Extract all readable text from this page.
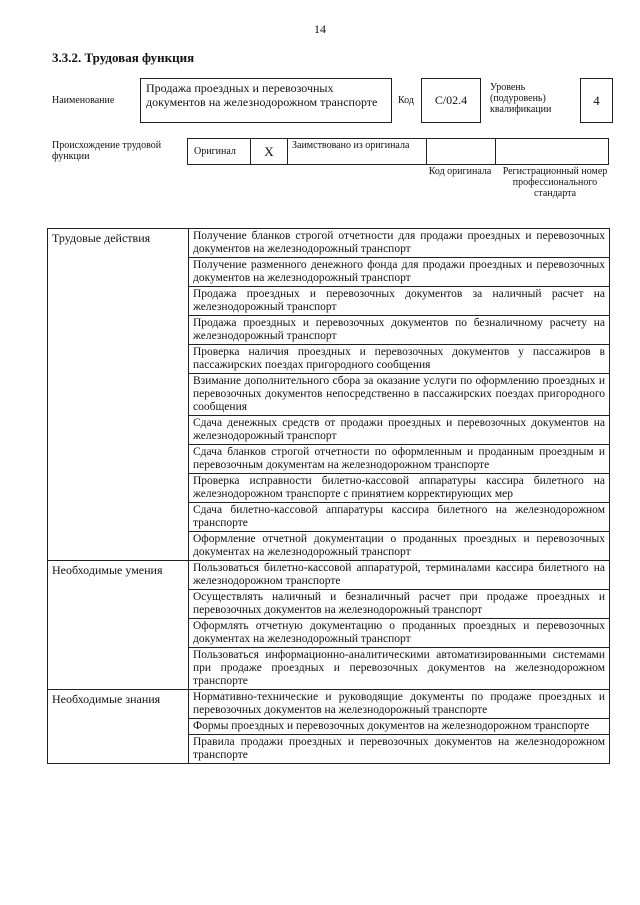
14
3.3.2. Трудовая функция
Наименование
Продажа проездных и перевозочных документов на железнодорожном транспорте	Код	С/02.4
Уровень (подуровень) квалификации
4
Происхождение трудовой функции	Оригинал	X	Заимствовано из оригинала
Код оригинала	Регистрационный номер профессионального стандарта
Трудовые действия	Получение бланков строгой отчетности для продажи проездных и перевозочных документов на железнодорожный транспорт
	Получение разменного денежного фонда для продажи проездных и перевозочных документов на железнодорожный транспорт
	Продажа проездных и перевозочных документов за наличный расчет на железнодорожный транспорт
	Продажа проездных и перевозочных документов по безналичному расчету на железнодорожный транспорт
	Проверка наличия проездных и перевозочных документов у пассажиров в пассажирских поездах пригородного сообщения
	Взимание дополнительного сбора за оказание услуги по оформлению проездных и перевозочных документов непосредственно в пассажирских поездах пригородного сообщения
	Сдача денежных средств от продажи проездных и перевозочных документов на железнодорожный транспорт
	Сдача бланков строгой отчетности по оформленным и проданным проездным и перевозочным документам на железнодорожном транспорте
	Проверка исправности билетно-кассовой аппаратуры кассира билетного на железнодорожном транспорте с принятием корректирующих мер
	Сдача билетно-кассовой аппаратуры кассира билетного на железнодорожном транспорте
	Оформление отчетной документации о проданных проездных и перевозочных документах на железнодорожный транспорт
Необходимые умения	Пользоваться билетно-кассовой аппаратурой, терминалами кассира билетного на железнодорожном транспорте
	Осуществлять наличный и безналичный расчет при продаже проездных и перевозочных документов на железнодорожный транспорт
	Оформлять отчетную документацию о проданных проездных и перевозочных документах на железнодорожный транспорт
	Пользоваться информационно-аналитическими автоматизированными системами при продаже проездных и перевозочных документов на железнодорожном транспорте
Необходимые знания	Нормативно-технические и руководящие документы по продаже проездных и перевозочных документов на железнодорожный транспорте
	Формы проездных и перевозочных документов на железнодорожном транспорте
	Правила продажи проездных и перевозочных документов на железнодорожном транспорте
